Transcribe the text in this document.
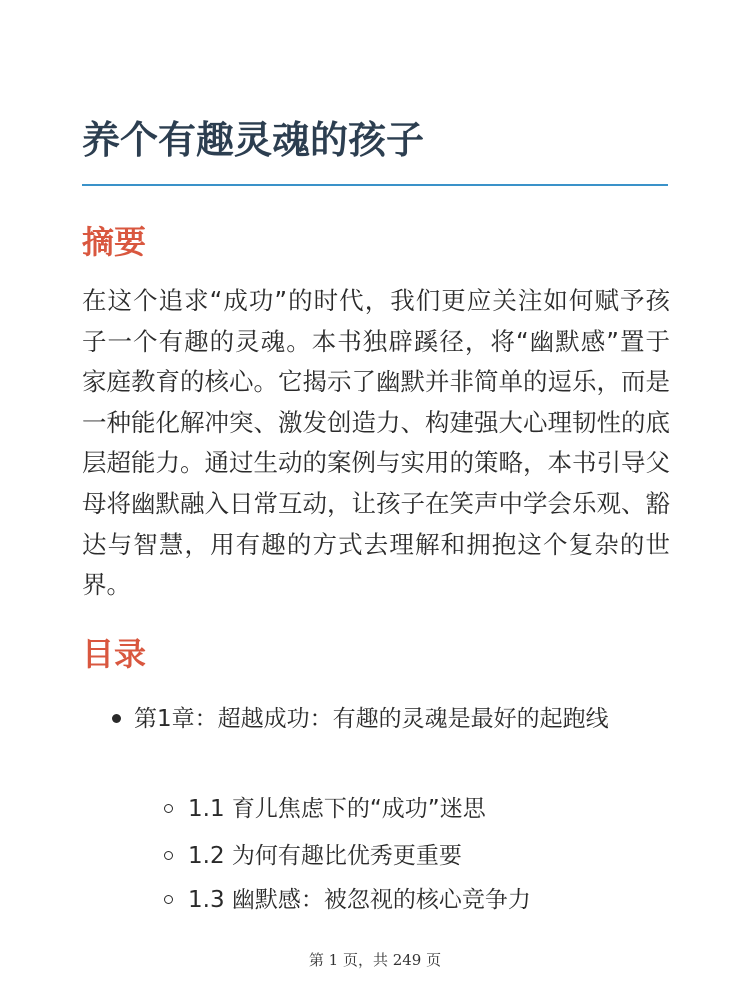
养个有趣灵魂的孩子
摘要

在这个追求“成功”的时代，我们更应关注如何赋予孩子一个有趣的灵魂。本书独辟蹊径，将“幽默感”置于家庭教育的核心。它揭示了幽默并非简单的逗乐，而是一种能化解冲突、激发创造力、构建强大心理韧性的底层超能力。通过生动的案例与实用的策略，本书引导父母将幽默融入日常互动，让孩子在笑声中学会乐观、豁达与智慧，用有趣的方式去理解和拥抱这个复杂的世界。

目录
第1章：超越成功：有趣的灵魂是最好的起跑线
1.1 育儿焦虑下的“成功”迷思
1.2 为何有趣比优秀更重要
1.3 幽默感：被忽视的核心竞争力
第 1 页，共 249 页
